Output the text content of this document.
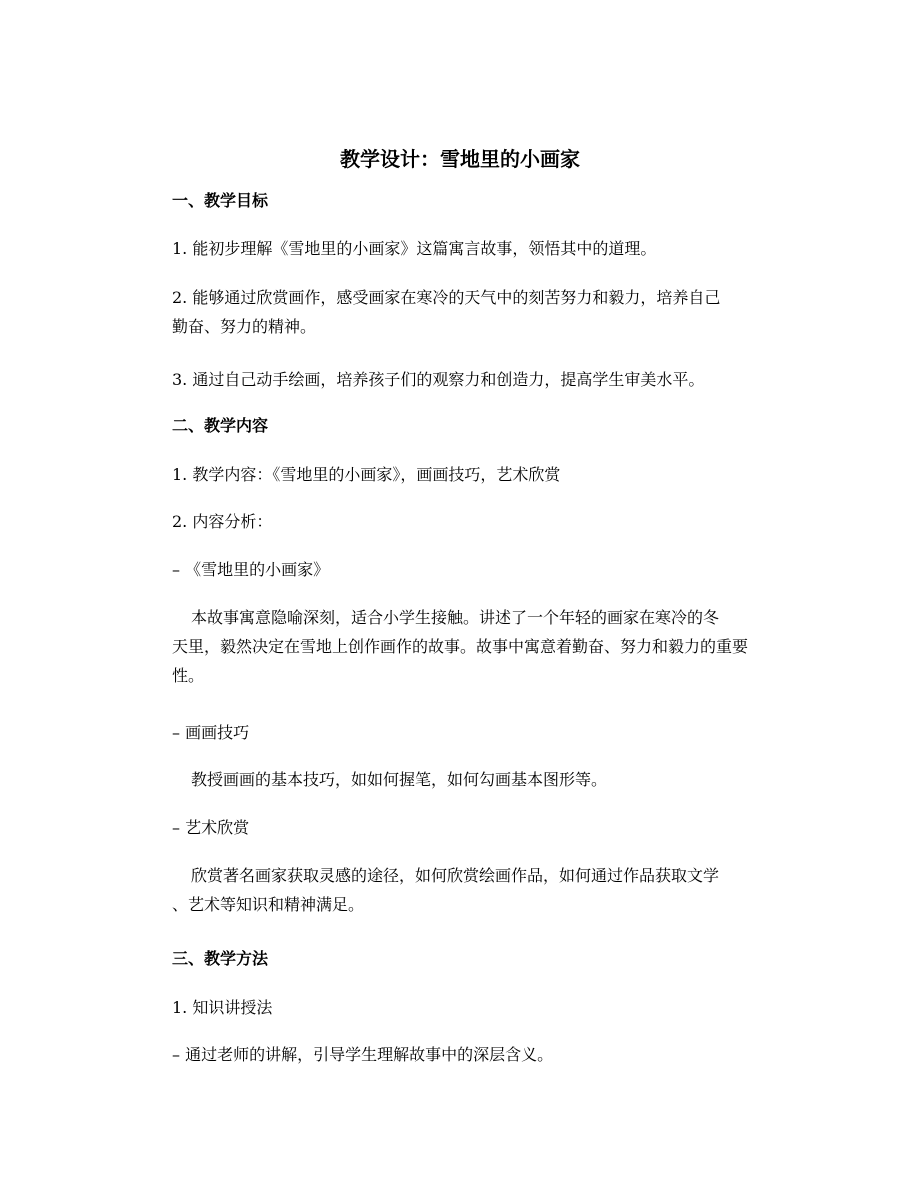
教学设计：雪地里的小画家

一、教学目标

1. 能初步理解《雪地里的小画家》这篇寓言故事，领悟其中的道理。

2. 能够通过欣赏画作，感受画家在寒冷的天气中的刻苦努力和毅力，培养自己
勤奋、努力的精神。

3. 通过自己动手绘画，培养孩子们的观察力和创造力，提高学生审美水平。

二、教学内容

1. 教学内容：《雪地里的小画家》，画画技巧，艺术欣赏

2. 内容分析：

– 《雪地里的小画家》

本故事寓意隐喻深刻，适合小学生接触。讲述了一个年轻的画家在寒冷的冬
天里，毅然决定在雪地上创作画作的故事。故事中寓意着勤奋、努力和毅力的重要
性。

– 画画技巧

教授画画的基本技巧，如如何握笔，如何勾画基本图形等。

– 艺术欣赏

欣赏著名画家获取灵感的途径，如何欣赏绘画作品，如何通过作品获取文学
、艺术等知识和精神满足。

三、教学方法

1. 知识讲授法

– 通过老师的讲解，引导学生理解故事中的深层含义。
